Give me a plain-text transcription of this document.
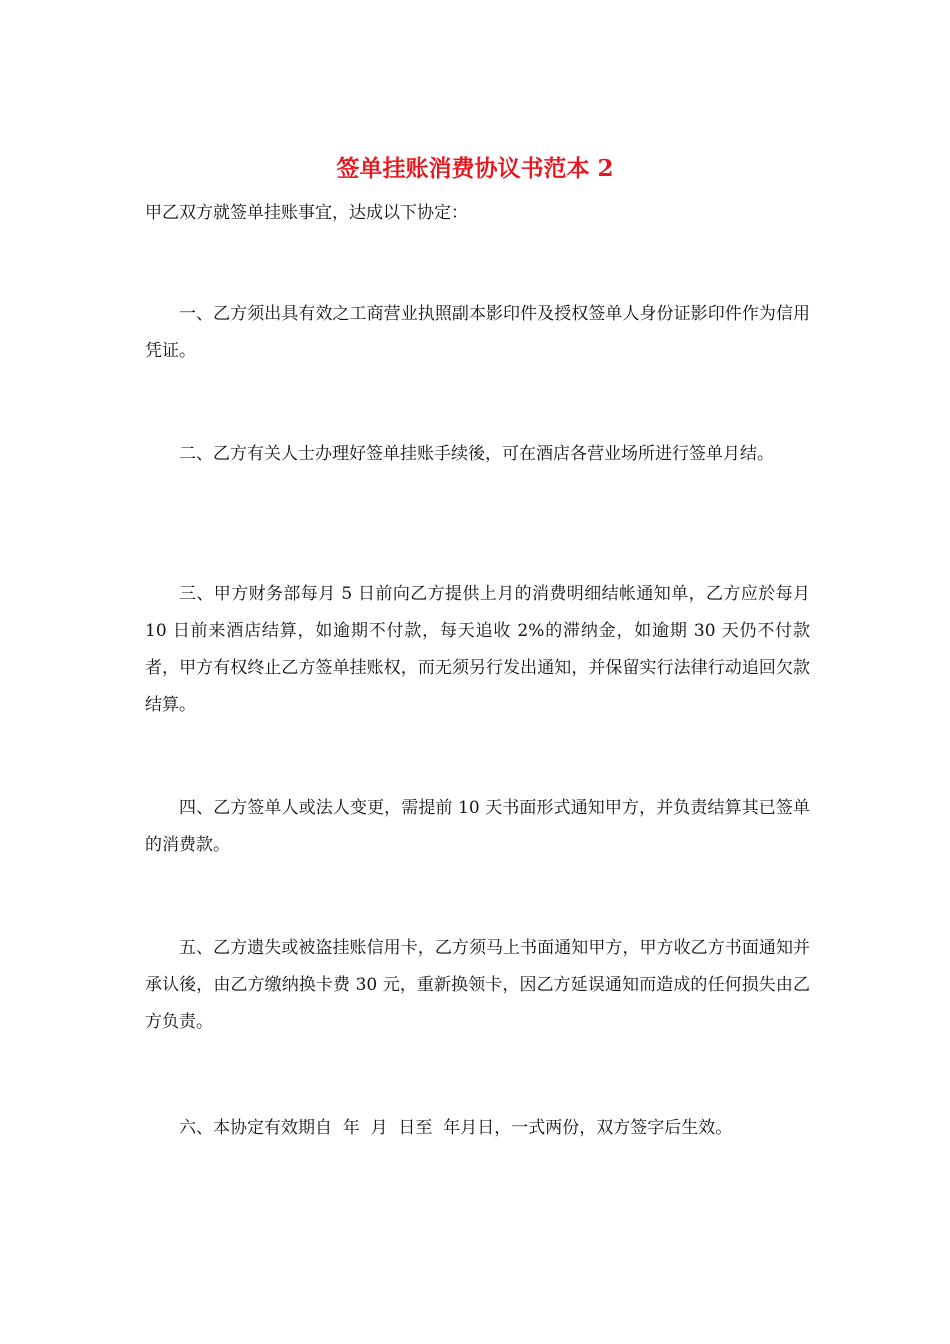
签单挂账消费协议书范本 2

甲乙双方就签单挂账事宜，达成以下协定：

一、乙方须出具有效之工商营业执照副本影印件及授权签单人身份证影印件作为信用凭证。

二、乙方有关人士办理好签单挂账手续後，可在酒店各营业场所进行签单月结。

三、甲方财务部每月 5 日前向乙方提供上月的消费明细结帐通知单，乙方应於每月 10 日前来酒店结算，如逾期不付款，每天追收 2%的滞纳金，如逾期 30 天仍不付款者，甲方有权终止乙方签单挂账权，而无须另行发出通知，并保留实行法律行动追回欠款结算。

四、乙方签单人或法人变更，需提前 10 天书面形式通知甲方，并负责结算其已签单的消费款。

五、乙方遗失或被盗挂账信用卡，乙方须马上书面通知甲方，甲方收乙方书面通知并承认後，由乙方缴纳换卡费 30 元，重新换领卡，因乙方延误通知而造成的任何损失由乙方负责。

六、本协定有效期自  年  月  日至  年月日，一式两份，双方签字后生效。
